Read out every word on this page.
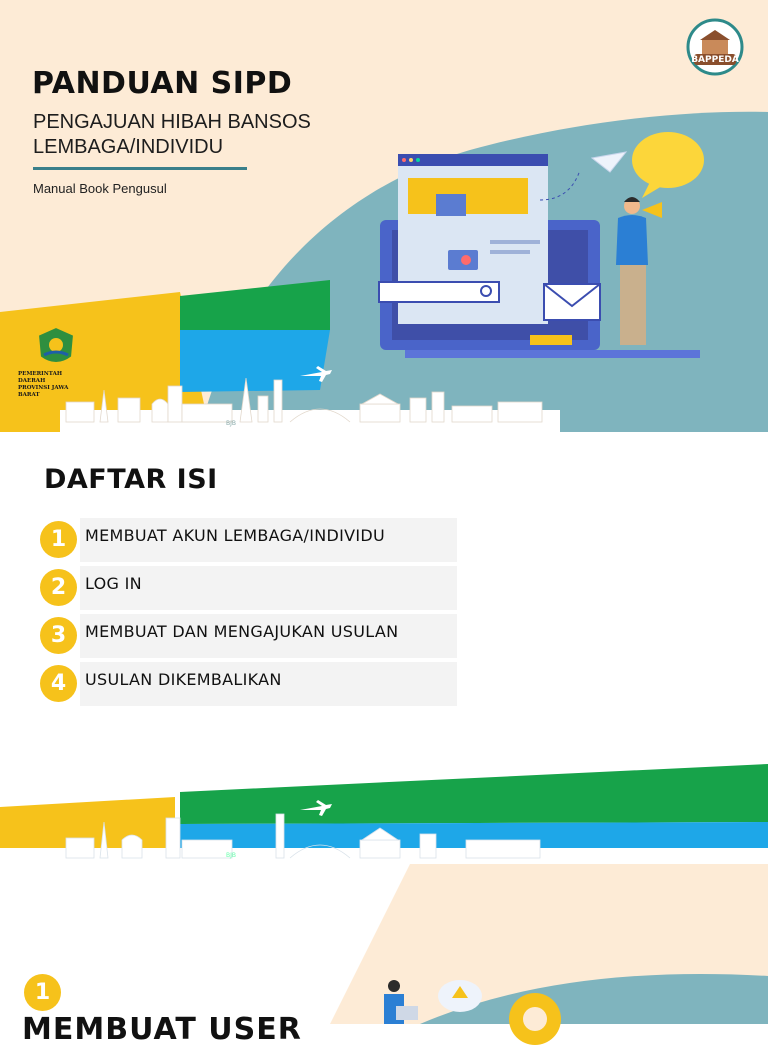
PANDUAN SIPD
PENGAJUAN HIBAH BANSOS
LEMBAGA/INDIVIDU
Manual Book Pengusul
BAPPEDA
PEMERINTAH DAERAH
PROVINSI JAWA BARAT
BJB
DAFTAR ISI
1	MEMBUAT AKUN LEMBAGA/INDIVIDU
2	LOG IN
3	MEMBUAT DAN MENGAJUKAN USULAN
4	USULAN DIKEMBALIKAN
BJB
1
MEMBUAT USER
